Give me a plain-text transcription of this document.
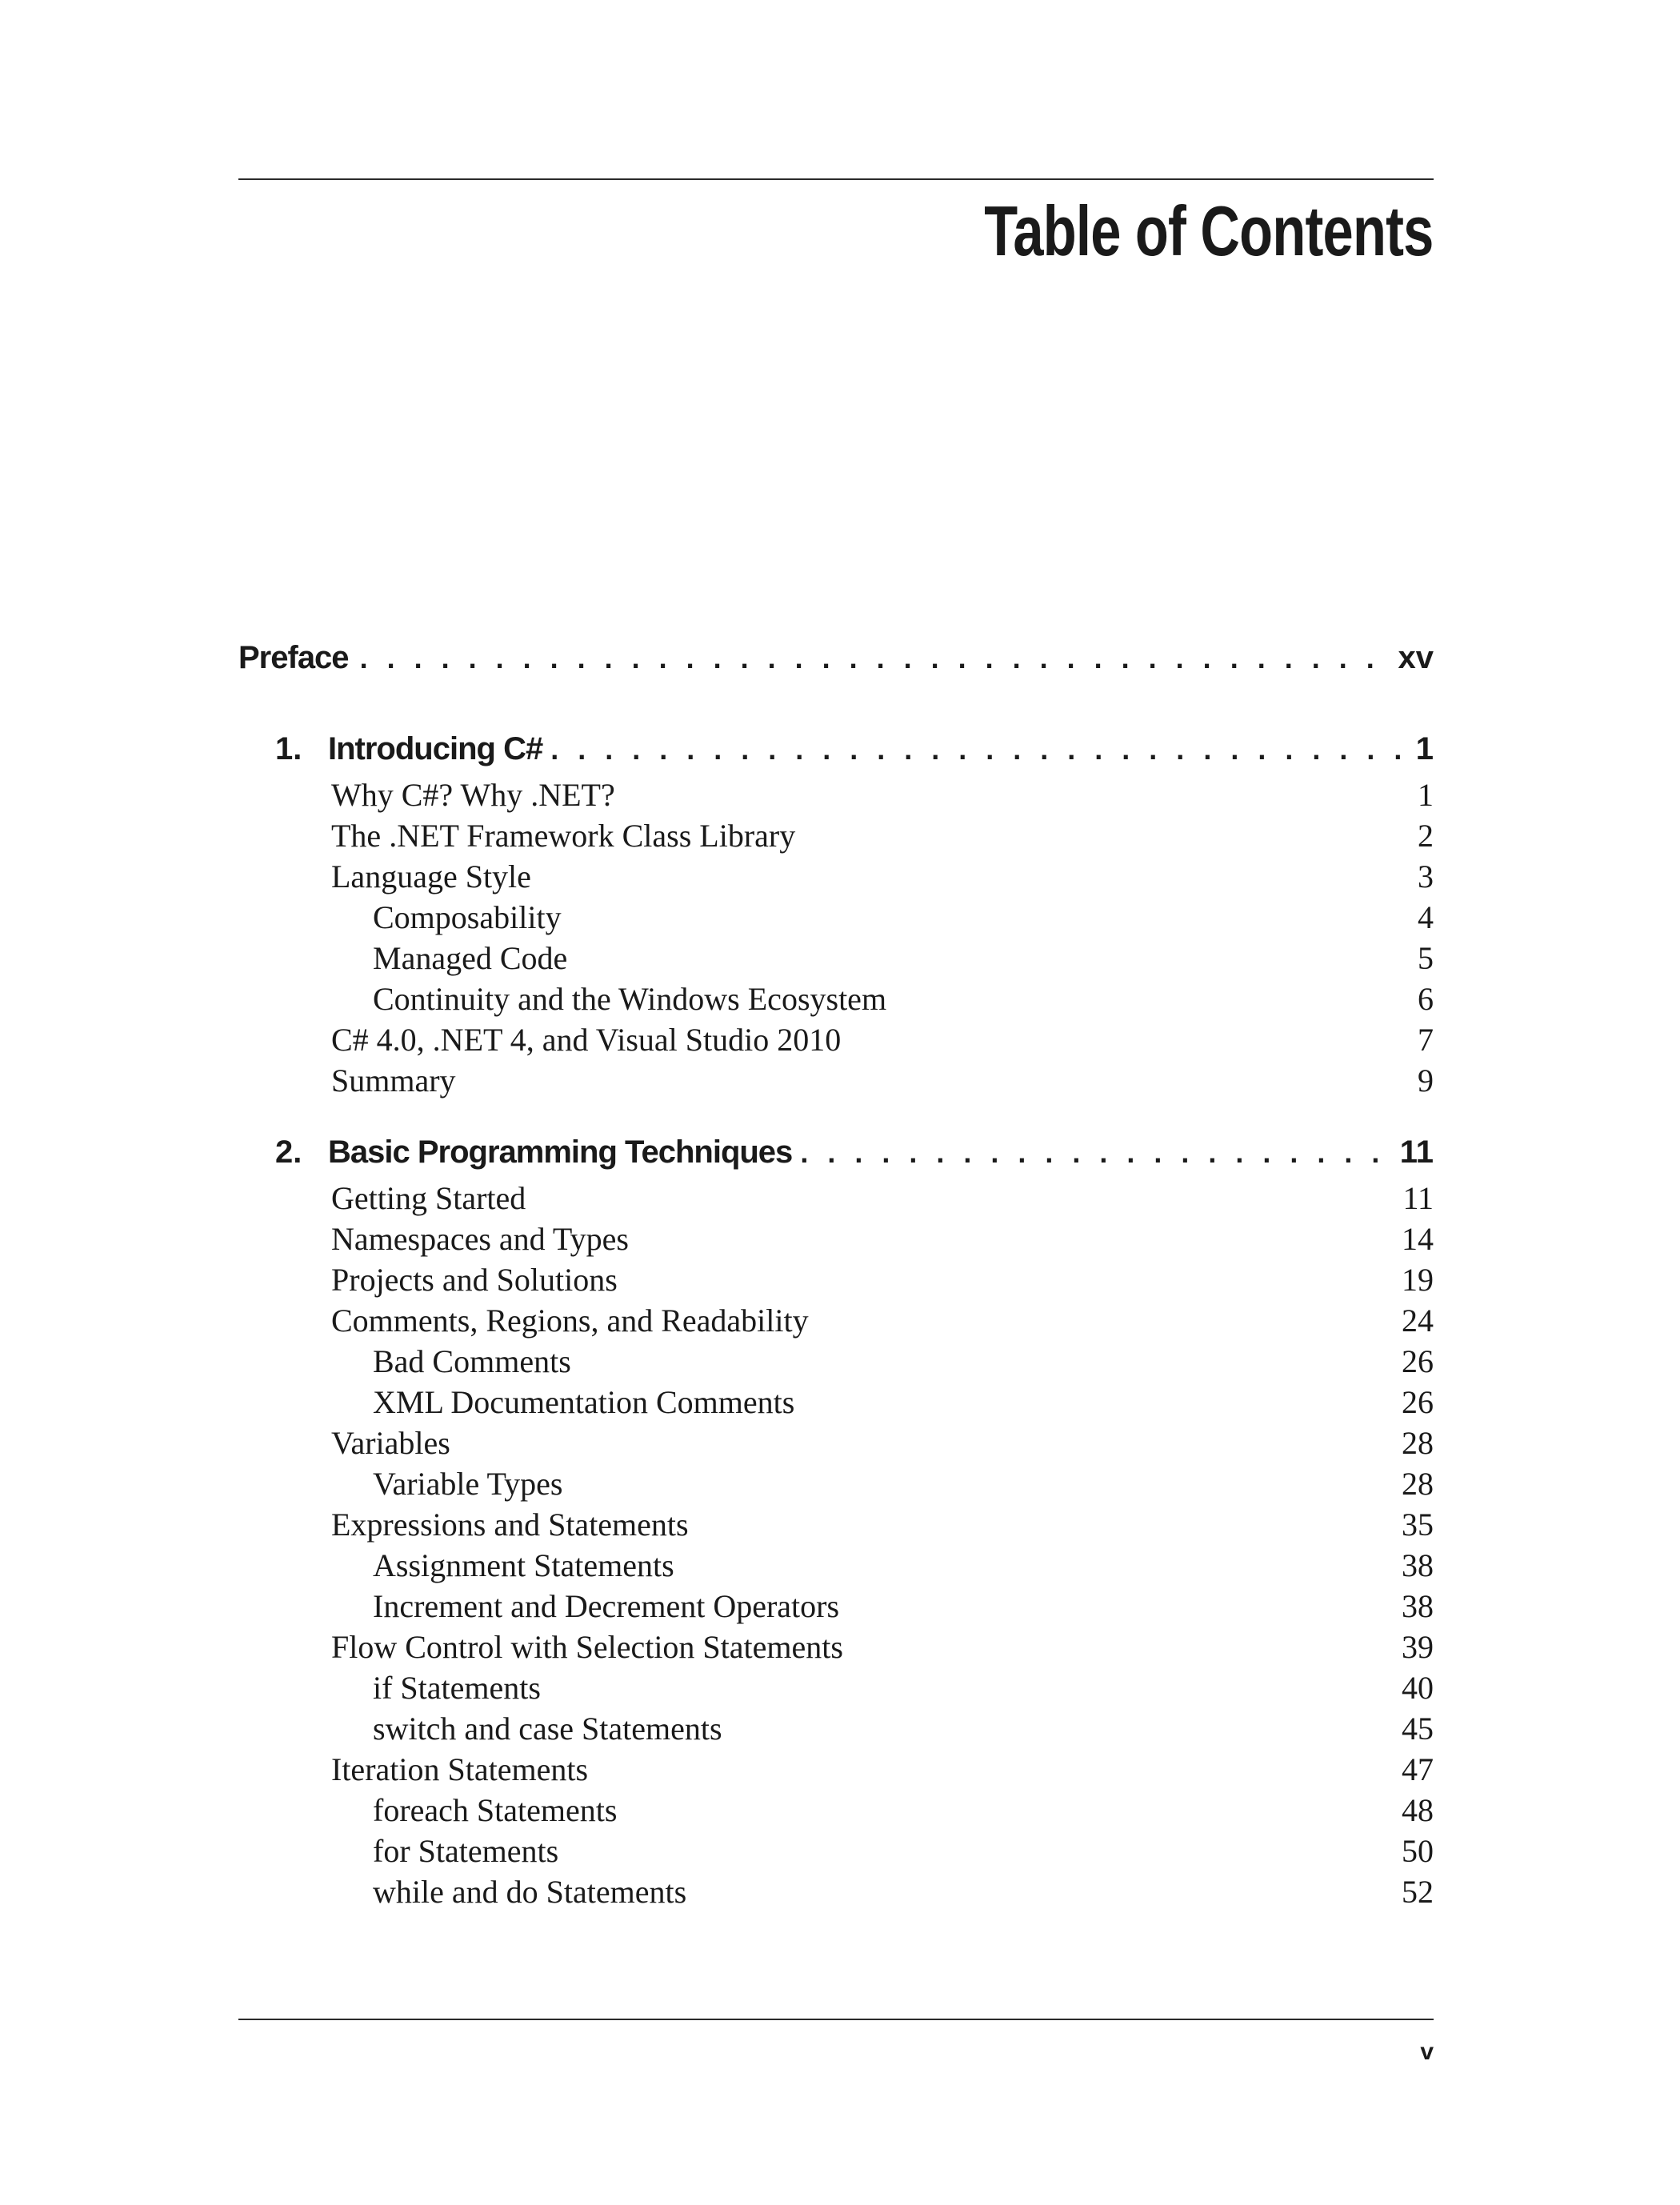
Table of Contents
Preface . . .	xv
1. Introducing C# . . .	1
Why C#? Why .NET?	1
The .NET Framework Class Library	2
Language Style	3
Composability	4
Managed Code	5
Continuity and the Windows Ecosystem	6
C# 4.0, .NET 4, and Visual Studio 2010	7
Summary	9
2. Basic Programming Techniques . . .	11
Getting Started	11
Namespaces and Types	14
Projects and Solutions	19
Comments, Regions, and Readability	24
Bad Comments	26
XML Documentation Comments	26
Variables	28
Variable Types	28
Expressions and Statements	35
Assignment Statements	38
Increment and Decrement Operators	38
Flow Control with Selection Statements	39
if Statements	40
switch and case Statements	45
Iteration Statements	47
foreach Statements	48
for Statements	50
while and do Statements	52
v
